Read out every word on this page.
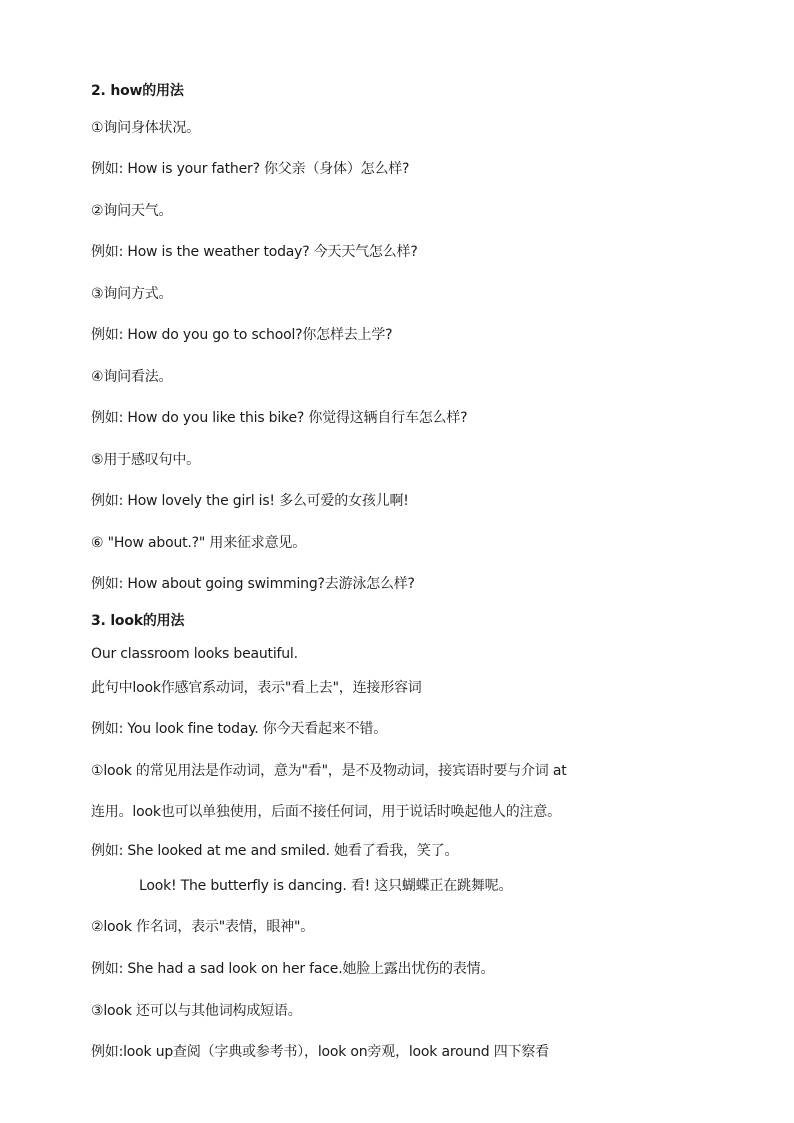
2. how的用法
①询问身体状况。
例如: How is your father? 你父亲（身体）怎么样?
②询问天气。
例如: How is the weather today? 今天天气怎么样?
③询问方式。
例如: How do you go to school?你怎样去上学?
④询问看法。
例如: How do you like this bike? 你觉得这辆自行车怎么样?
⑤用于感叹句中。
例如: How lovely the girl is! 多么可爱的女孩儿啊!
⑥ "How about.?" 用来征求意见。
例如: How about going swimming?去游泳怎么样?
3. look的用法
Our classroom looks beautiful.
此句中look作感官系动词，表示"看上去"，连接形容词
例如: You look fine today. 你今天看起来不错。
①look 的常见用法是作动词，意为"看"，是不及物动词，接宾语时要与介词 at
连用。look也可以单独使用，后面不接任何词，用于说话时唤起他人的注意。
例如: She looked at me and smiled. 她看了看我，笑了。
Look! The butterfly is dancing. 看! 这只蝴蝶正在跳舞呢。
②look 作名词，表示"表情，眼神"。
例如: She had a sad look on her face.她脸上露出忧伤的表情。
③look 还可以与其他词构成短语。
例如:look up查阅（字典或参考书），look on旁观，look around 四下察看
